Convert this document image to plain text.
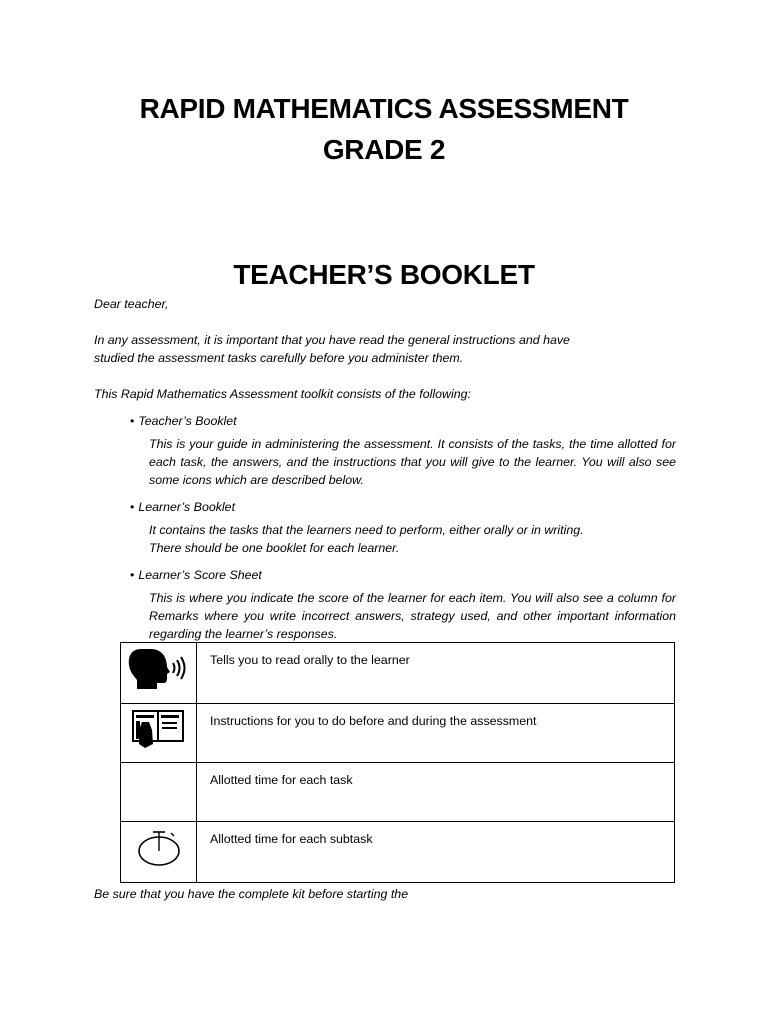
RAPID MATHEMATICS ASSESSMENT
GRADE 2
TEACHER’S BOOKLET
Dear teacher,
In any assessment, it is important that you have read the general instructions and have
studied the assessment tasks carefully before you administer them.
This Rapid Mathematics Assessment toolkit consists of the following:
• Teacher’s Booklet
This is your guide in administering the assessment. It consists of the tasks, the time allotted for each task, the answers, and the instructions that you will give to the learner. You will also see some icons which are described below.
• Learner’s Booklet
It contains the tasks that the learners need to perform, either orally or in writing.
There should be one booklet for each learner.
• Learner’s Score Sheet
This is where you indicate the score of the learner for each item. You will also see a column for Remarks where you write incorrect answers, strategy used, and other important information regarding the learner’s responses.
	Tells you to read orally to the learner

	Instructions for you to do before and during the assessment
	Allotted time for each task

	Allotted time for each subtask
Be sure that you have the complete kit before starting the
